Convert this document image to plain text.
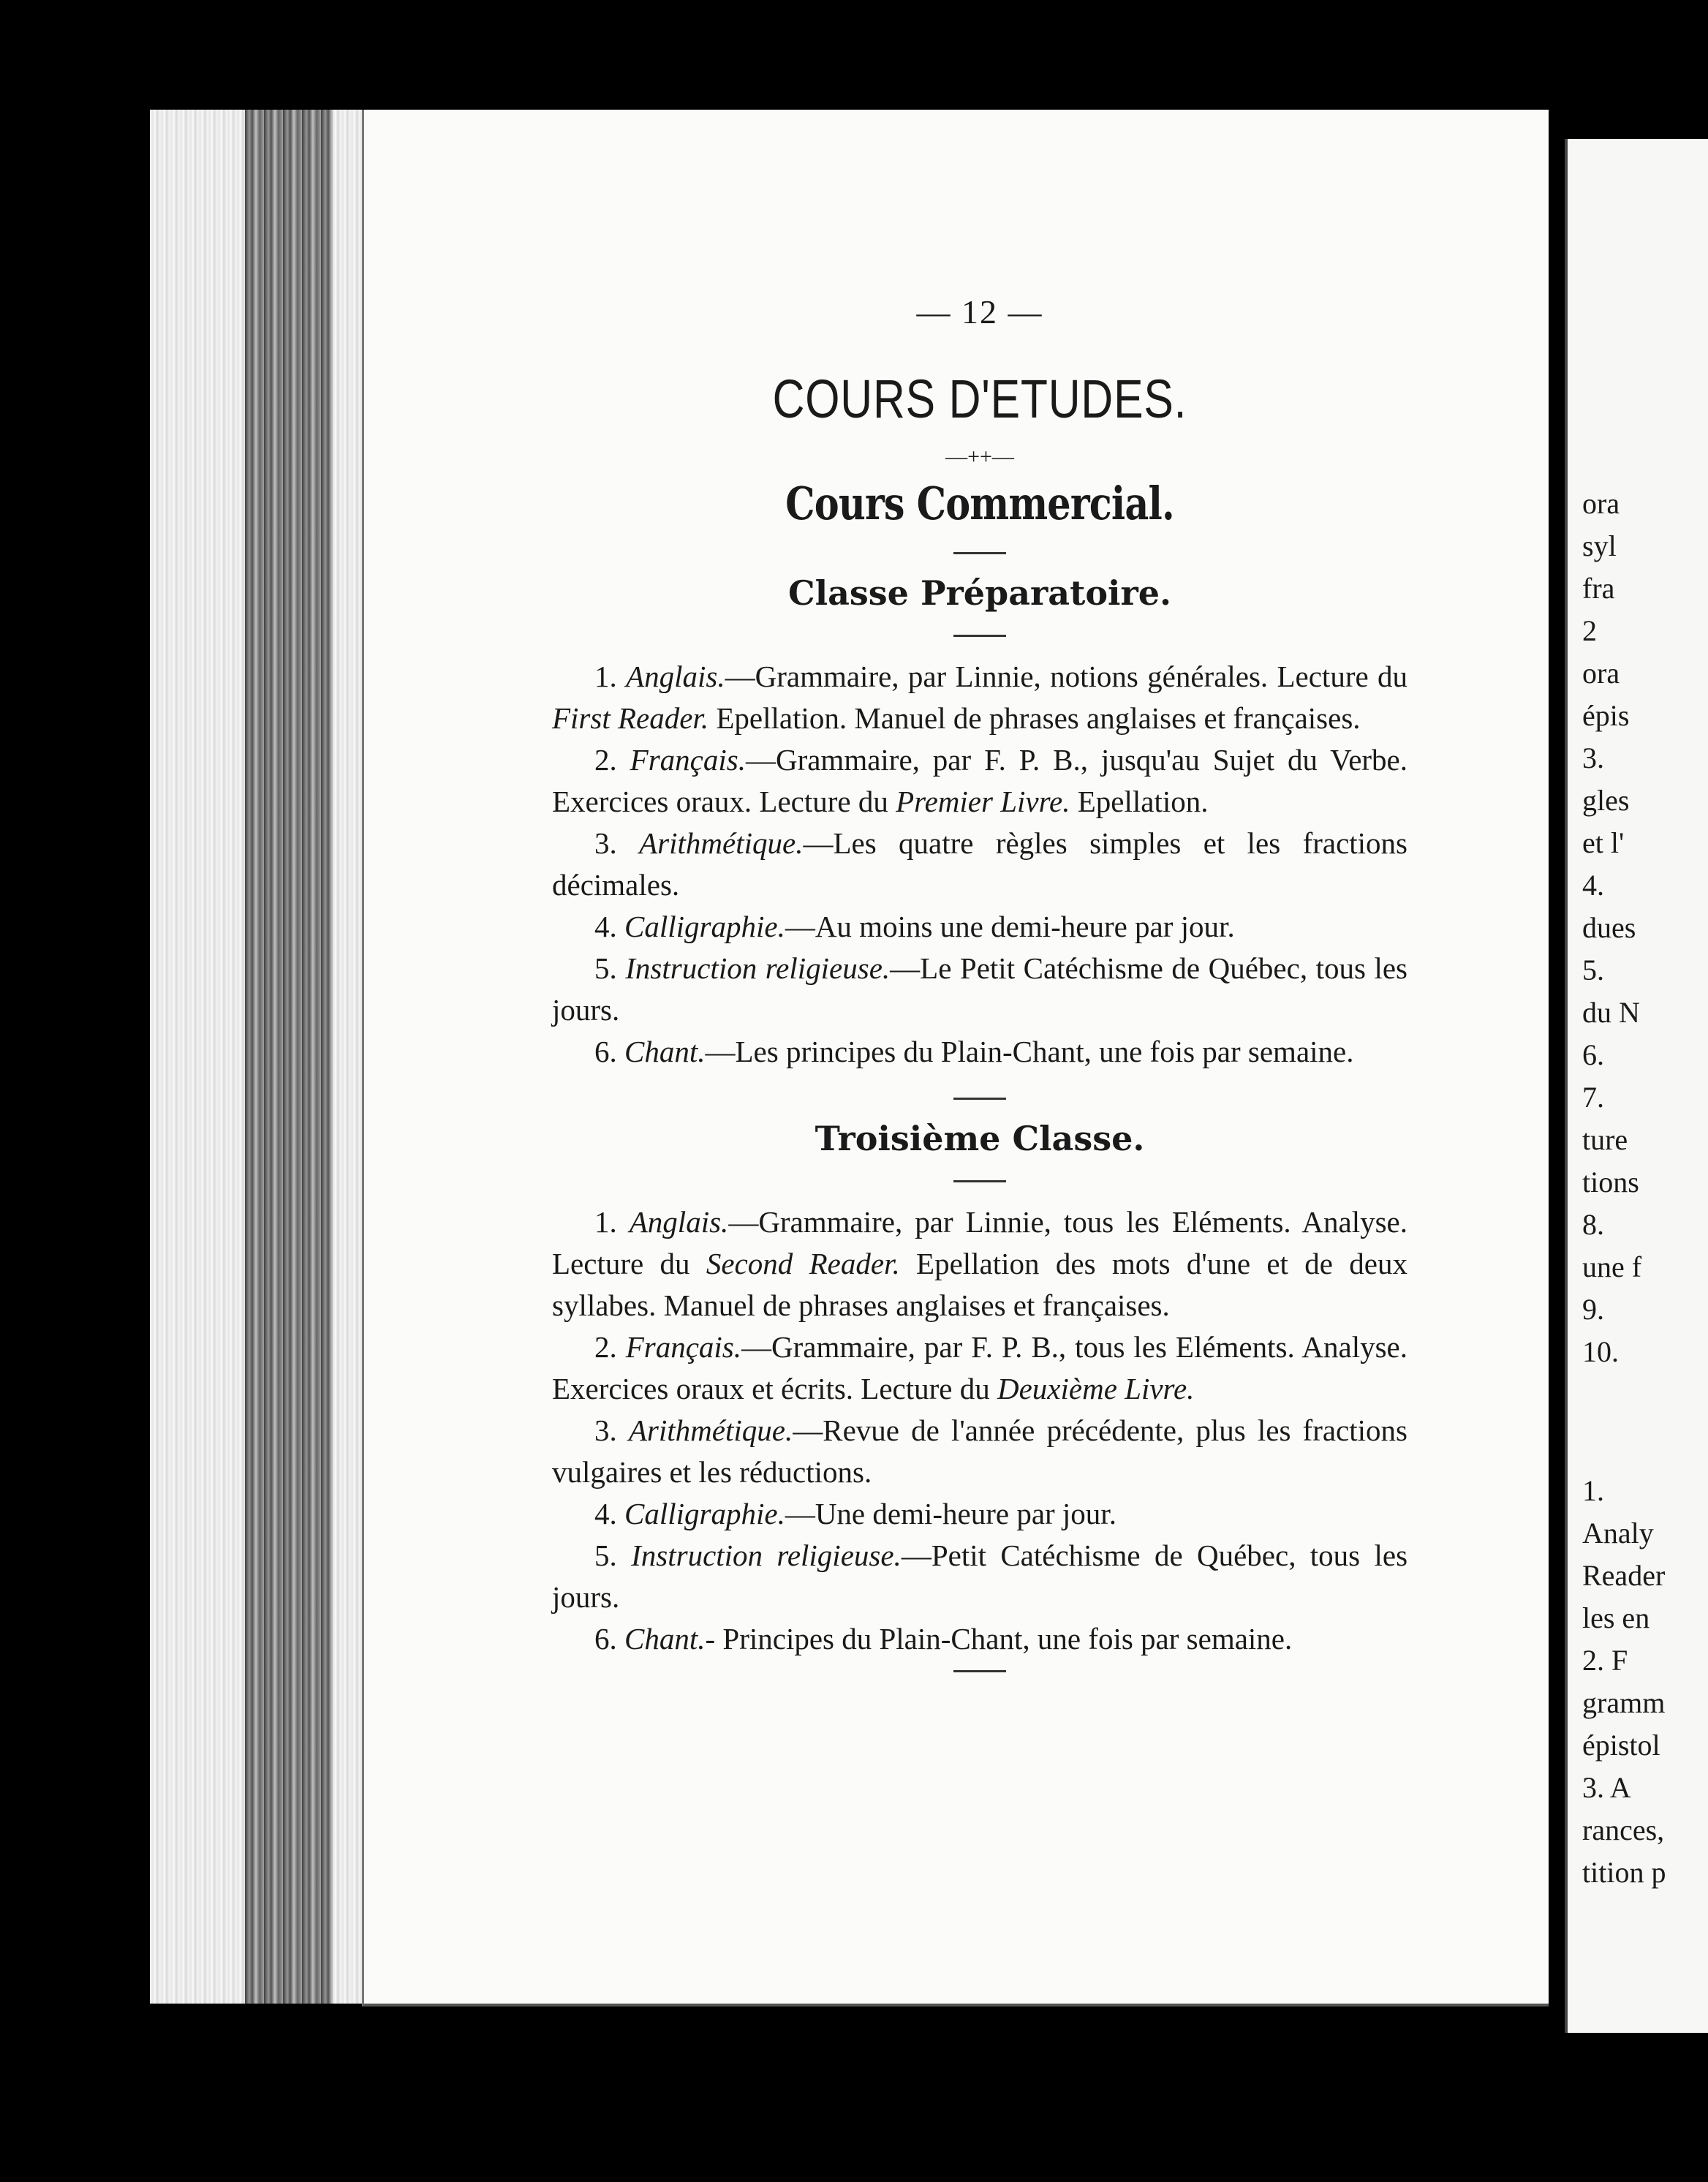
ora
syl
fra
2
ora
épis
3.
gles
et l'
4.
dues
5.
du N
6.
7.
ture
tions
8.
une f
9.
10.
1.
Analy
Reader
les en
2. F
gramm
épistol
3. A
rances,
tition p
— 12 —
COURS D'ETUDES.
—++—
Cours Commercial.
Classe Préparatoire.

1. Anglais.—Grammaire, par Linnie, notions générales. Lecture du First Reader. Epellation. Manuel de phrases anglaises et françaises.

2. Français.—Grammaire, par F. P. B., jusqu'au Sujet du Verbe. Exercices oraux. Lecture du Premier Livre. Epellation.

3. Arithmétique.—Les quatre règles simples et les fractions décimales.

4. Calligraphie.—Au moins une demi-heure par jour.

5. Instruction religieuse.—Le Petit Catéchisme de Québec, tous les jours.

6. Chant.—Les principes du Plain-Chant, une fois par semaine.

Troisième Classe.

1. Anglais.—Grammaire, par Linnie, tous les Eléments. Analyse. Lecture du Second Reader. Epellation des mots d'une et de deux syllabes. Manuel de phrases anglaises et françaises.

2. Français.—Grammaire, par F. P. B., tous les Eléments. Analyse. Exercices oraux et écrits. Lecture du Deuxième Livre.

3. Arithmétique.—Revue de l'année précédente, plus les fractions vulgaires et les réductions.

4. Calligraphie.—Une demi-heure par jour.

5. Instruction religieuse.—Petit Catéchisme de Québec, tous les jours.

6. Chant.- Principes du Plain-Chant, une fois par semaine.
